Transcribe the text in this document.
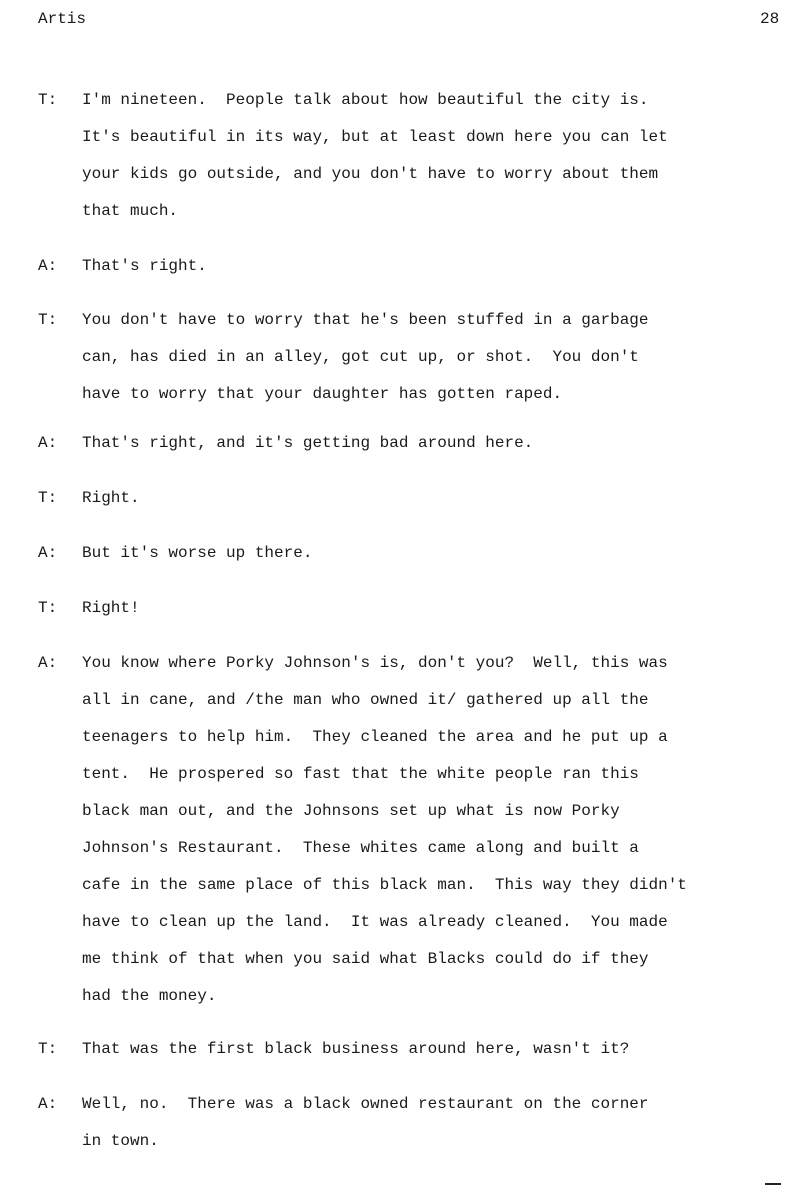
Artis	28
T: I'm nineteen.  People talk about how beautiful the city is.
It's beautiful in its way, but at least down here you can let
your kids go outside, and you don't have to worry about them
that much.
A: That's right.
T: You don't have to worry that he's been stuffed in a garbage
can, has died in an alley, got cut up, or shot.  You don't
have to worry that your daughter has gotten raped.
A: That's right, and it's getting bad around here.
T: Right.
A: But it's worse up there.
T: Right!
A: You know where Porky Johnson's is, don't you?  Well, this was
all in cane, and /the man who owned it/ gathered up all the
teenagers to help him.  They cleaned the area and he put up a
tent.  He prospered so fast that the white people ran this
black man out, and the Johnsons set up what is now Porky
Johnson's Restaurant.  These whites came along and built a
cafe in the same place of this black man.  This way they didn't
have to clean up the land.  It was already cleaned.  You made
me think of that when you said what Blacks could do if they
had the money.
T: That was the first black business around here, wasn't it?
A: Well, no.  There was a black owned restaurant on the corner
in town.
